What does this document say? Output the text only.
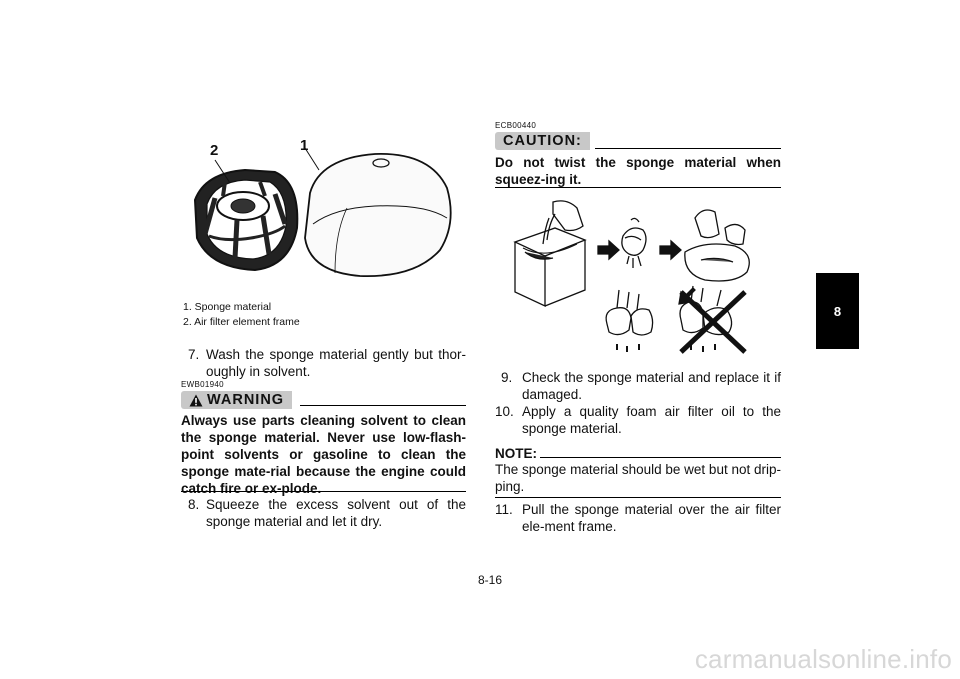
8
2	1
1. Sponge material
2. Air filter element frame
7. Wash the sponge material gently but thor-oughly in solvent.
EWB01940
WARNING
Always use parts cleaning solvent to clean the sponge material. Never use low-flash-point solvents or gasoline to clean the sponge mate-rial because the engine could catch fire or ex-plode.
8. Squeeze the excess solvent out of the sponge material and let it dry.
ECB00440
CAUTION:
Do not twist the sponge material when squeez-ing it.
9. Check the sponge material and replace it if damaged.
10. Apply a quality foam air filter oil to the sponge material.
NOTE:
The sponge material should be wet but not drip-ping.
11. Pull the sponge material over the air filter ele-ment frame.
8-16
carmanualsonline.info
